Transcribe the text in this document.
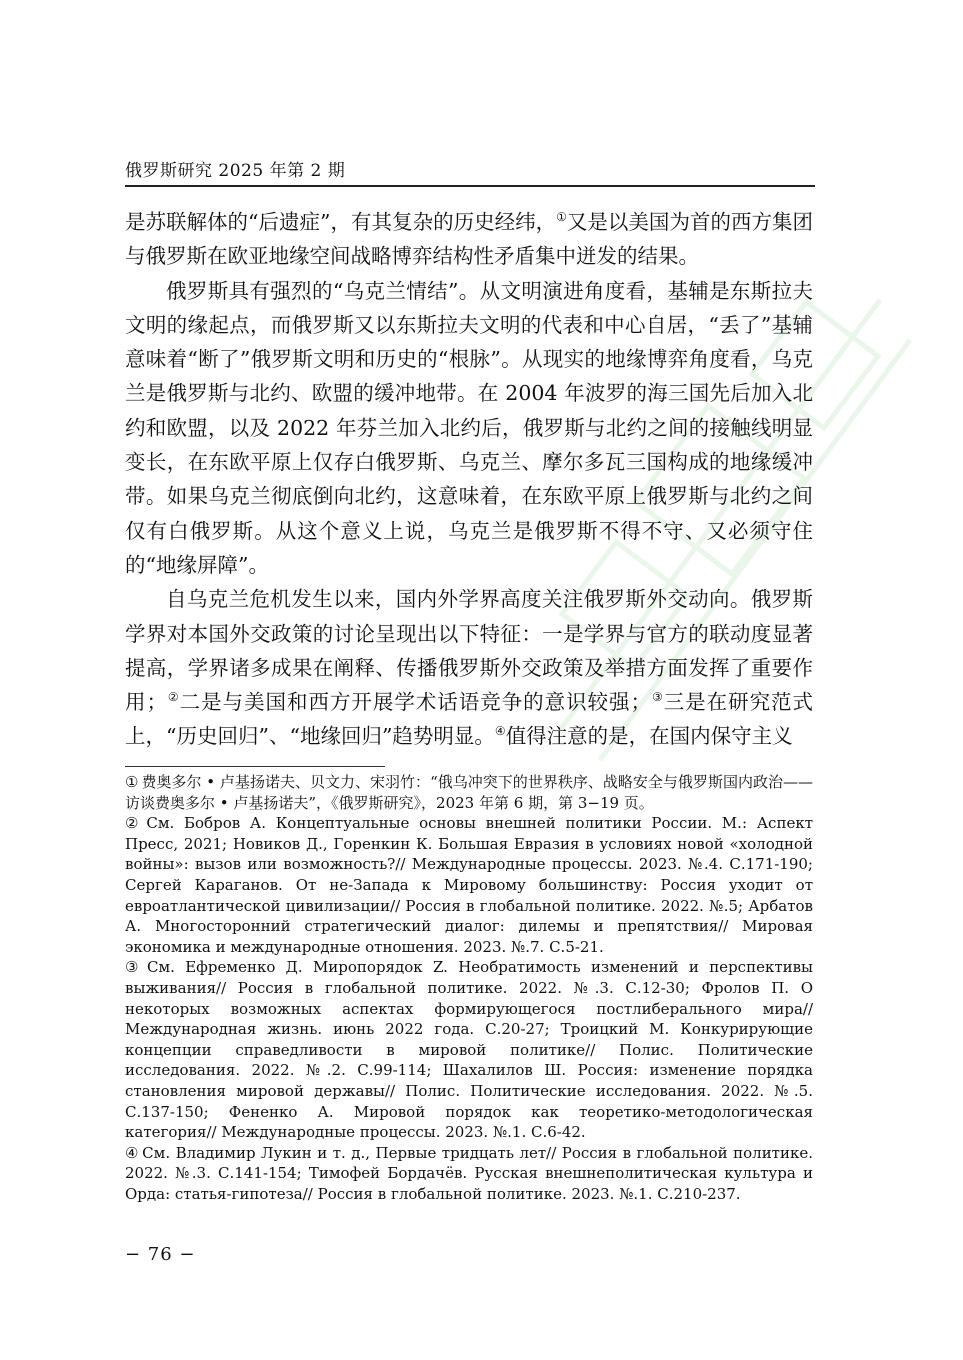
俄罗斯研究 2025 年第 2 期

是苏联解体的“后遗症”，有其复杂的历史经纬，①又是以美国为首的西方集团与俄罗斯在欧亚地缘空间战略博弈结构性矛盾集中迸发的结果。

俄罗斯具有强烈的“乌克兰情结”。从文明演进角度看，基辅是东斯拉夫文明的缘起点，而俄罗斯又以东斯拉夫文明的代表和中心自居，“丢了”基辅意味着“断了”俄罗斯文明和历史的“根脉”。从现实的地缘博弈角度看，乌克兰是俄罗斯与北约、欧盟的缓冲地带。在 2004 年波罗的海三国先后加入北约和欧盟，以及 2022 年芬兰加入北约后，俄罗斯与北约之间的接触线明显变长，在东欧平原上仅存白俄罗斯、乌克兰、摩尔多瓦三国构成的地缘缓冲带。如果乌克兰彻底倒向北约，这意味着，在东欧平原上俄罗斯与北约之间仅有白俄罗斯。从这个意义上说，乌克兰是俄罗斯不得不守、又必须守住的“地缘屏障”。

自乌克兰危机发生以来，国内外学界高度关注俄罗斯外交动向。俄罗斯学界对本国外交政策的讨论呈现出以下特征：一是学界与官方的联动度显著提高，学界诸多成果在阐释、传播俄罗斯外交政策及举措方面发挥了重要作用；②二是与美国和西方开展学术话语竞争的意识较强；③三是在研究范式上，“历史回归”、“地缘回归”趋势明显。④值得注意的是，在国内保守主义

① 费奥多尔 • 卢基扬诺夫、贝文力、宋羽竹：“俄乌冲突下的世界秩序、战略安全与俄罗斯国内政治——访谈费奥多尔 • 卢基扬诺夫”，《俄罗斯研究》，2023 年第 6 期，第 3−19 页。

② См. Бобров А. Концептуальные основы внешней политики России. М.: Аспект Пресс, 2021; Новиков Д., Горенкин К. Большая Евразия в условиях новой «холодной войны»: вызов или возможность?// Международные процессы. 2023. №.4. С.171-190; Сергей Караганов. От не-Запада к Мировому большинству: Россия уходит от евроатлантической цивилизации// Россия в глобальной политике. 2022. №.5; Арбатов А. Многосторонний стратегический диалог: дилемы и препятствия// Мировая экономика и международные отношения. 2023. №.7. С.5-21.

③ См. Ефременко Д. Миропорядок Z. Необратимость изменений и перспективы выживания// Россия в глобальной политике. 2022. №.3. С.12-30; Фролов П. О некоторых возможных аспектах формирующегося постлиберального мира// Международная жизнь. июнь 2022 года. С.20-27; Троицкий М. Конкурирующие концепции справедливости в мировой политике// Полис. Политические исследования. 2022. №.2. С.99-114; Шахалилов Ш. Россия: изменение порядка становления мировой державы// Полис. Политические исследования. 2022. №.5. С.137-150; Фененко А. Мировой порядок как теоретико-методологическая категория// Международные процессы. 2023. №.1. С.6-42.

④ См. Владимир Лукин и т. д., Первые тридцать лет// Россия в глобальной политике. 2022. №.3. С.141-154; Тимофей Бордачёв. Русская внешнеполитическая культура и Орда: статья-гипотеза// Россия в глобальной политике. 2023. №.1. С.210-237.

− 76 −
